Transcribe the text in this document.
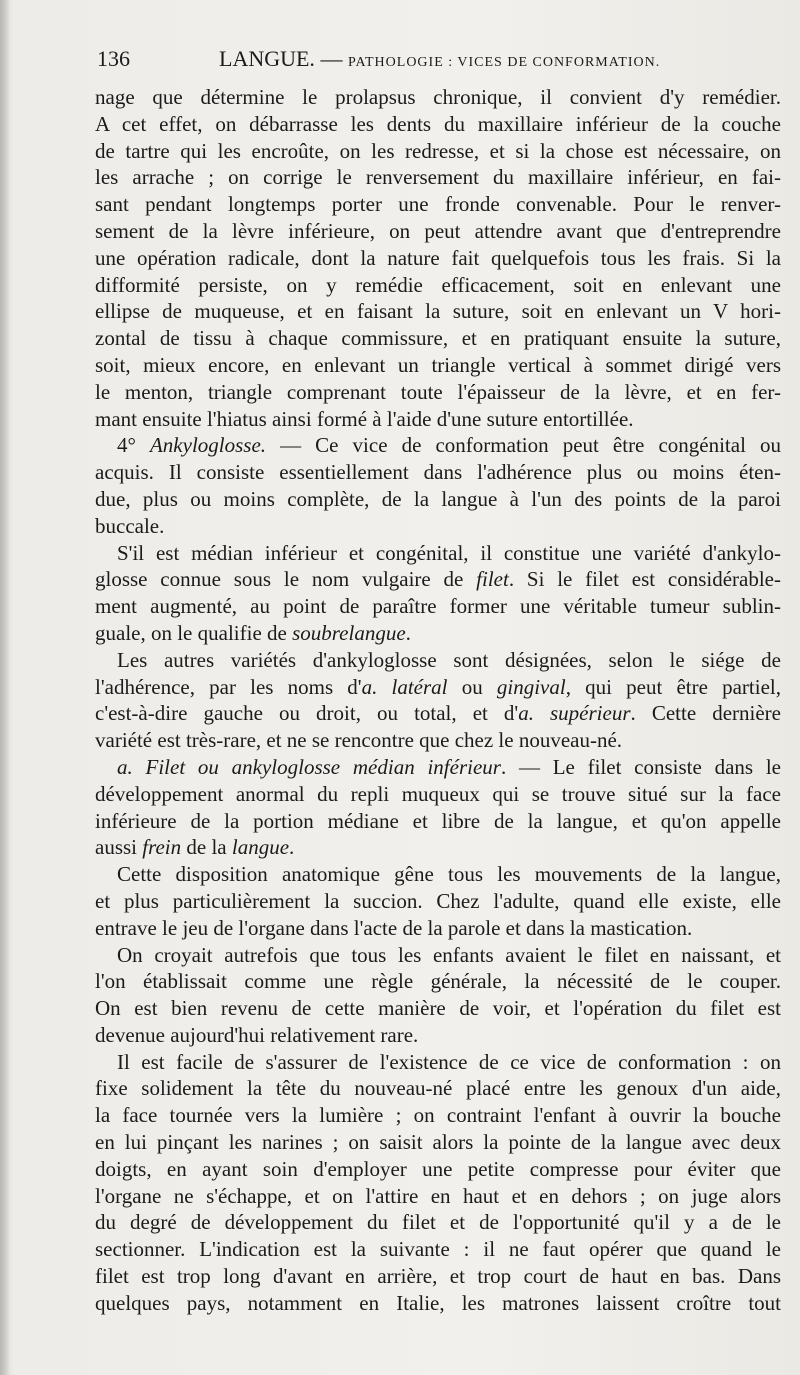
136	LANGUE. — PATHOLOGIE : VICES DE CONFORMATION.
nage que détermine le prolapsus chronique, il convient d'y remédier.
A cet effet, on débarrasse les dents du maxillaire inférieur de la couche
de tartre qui les encroûte, on les redresse, et si la chose est nécessaire, on
les arrache ; on corrige le renversement du maxillaire inférieur, en fai-
sant pendant longtemps porter une fronde convenable. Pour le renver-
sement de la lèvre inférieure, on peut attendre avant que d'entreprendre
une opération radicale, dont la nature fait quelquefois tous les frais. Si la
difformité persiste, on y remédie efficacement, soit en enlevant une
ellipse de muqueuse, et en faisant la suture, soit en enlevant un V hori-
zontal de tissu à chaque commissure, et en pratiquant ensuite la suture,
soit, mieux encore, en enlevant un triangle vertical à sommet dirigé vers
le menton, triangle comprenant toute l'épaisseur de la lèvre, et en fer-
mant ensuite l'hiatus ainsi formé à l'aide d'une suture entortillée.
4° Ankyloglosse. — Ce vice de conformation peut être congénital ou
acquis. Il consiste essentiellement dans l'adhérence plus ou moins éten-
due, plus ou moins complète, de la langue à l'un des points de la paroi
buccale.
S'il est médian inférieur et congénital, il constitue une variété d'ankylo-
glosse connue sous le nom vulgaire de filet. Si le filet est considérable-
ment augmenté, au point de paraître former une véritable tumeur sublin-
guale, on le qualifie de soubrelangue.
Les autres variétés d'ankyloglosse sont désignées, selon le siége de
l'adhérence, par les noms d'a. latéral ou gingival, qui peut être partiel,
c'est-à-dire gauche ou droit, ou total, et d'a. supérieur. Cette dernière
variété est très-rare, et ne se rencontre que chez le nouveau-né.
a. Filet ou ankyloglosse médian inférieur. — Le filet consiste dans le
développement anormal du repli muqueux qui se trouve situé sur la face
inférieure de la portion médiane et libre de la langue, et qu'on appelle
aussi frein de la langue.
Cette disposition anatomique gêne tous les mouvements de la langue,
et plus particulièrement la succion. Chez l'adulte, quand elle existe, elle
entrave le jeu de l'organe dans l'acte de la parole et dans la mastication.
On croyait autrefois que tous les enfants avaient le filet en naissant, et
l'on établissait comme une règle générale, la nécessité de le couper.
On est bien revenu de cette manière de voir, et l'opération du filet est
devenue aujourd'hui relativement rare.
Il est facile de s'assurer de l'existence de ce vice de conformation : on
fixe solidement la tête du nouveau-né placé entre les genoux d'un aide,
la face tournée vers la lumière ; on contraint l'enfant à ouvrir la bouche
en lui pinçant les narines ; on saisit alors la pointe de la langue avec deux
doigts, en ayant soin d'employer une petite compresse pour éviter que
l'organe ne s'échappe, et on l'attire en haut et en dehors ; on juge alors
du degré de développement du filet et de l'opportunité qu'il y a de le
sectionner. L'indication est la suivante : il ne faut opérer que quand le
filet est trop long d'avant en arrière, et trop court de haut en bas. Dans
quelques pays, notamment en Italie, les matrones laissent croître tout
